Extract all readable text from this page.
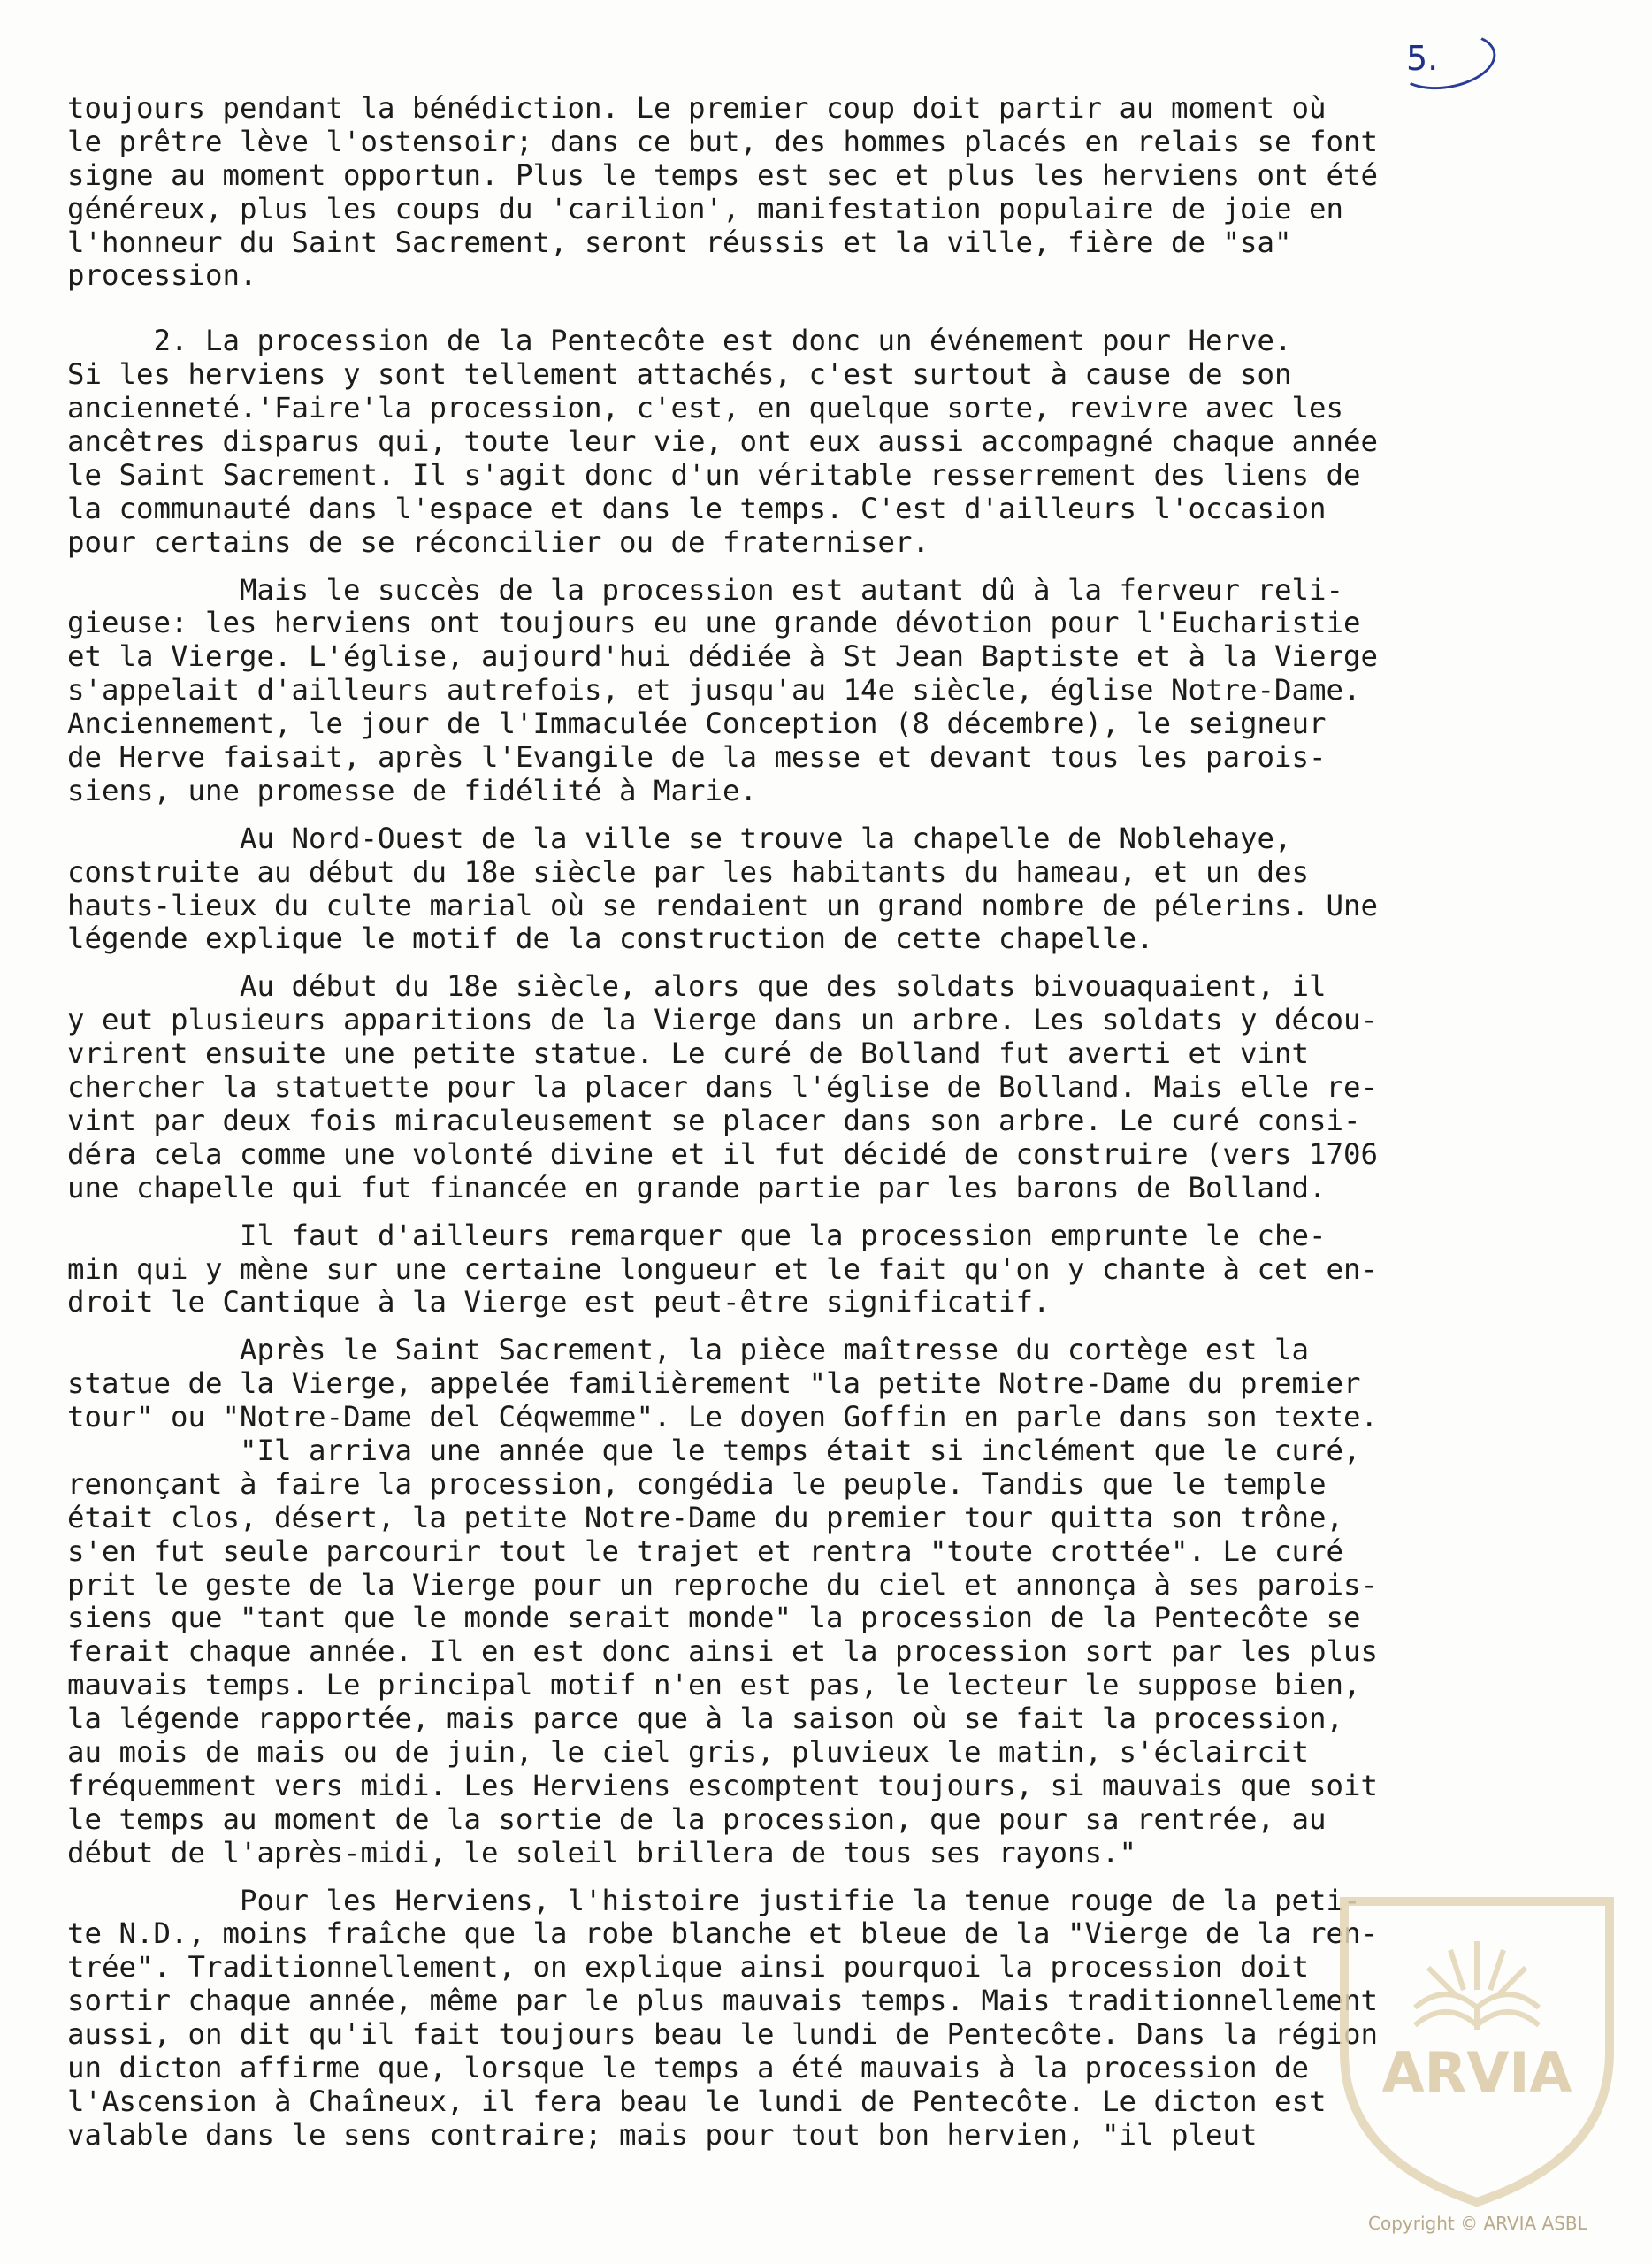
5.
toujours pendant la bénédiction. Le premier coup doit partir au moment où
le prêtre lève l'ostensoir; dans ce but, des hommes placés en relais se font
signe au moment opportun. Plus le temps est sec et plus les herviens ont été
généreux, plus les coups du 'carilion', manifestation populaire de joie en
l'honneur du Saint Sacrement, seront réussis et la ville, fière de "sa"
procession.
2. La procession de la Pentecôte est donc un événement pour Herve.
Si les herviens y sont tellement attachés, c'est surtout à cause de son
ancienneté.'Faire'la procession, c'est, en quelque sorte, revivre avec les
ancêtres disparus qui, toute leur vie, ont eux aussi accompagné chaque année
le Saint Sacrement. Il s'agit donc d'un véritable resserrement des liens de
la communauté dans l'espace et dans le temps. C'est d'ailleurs l'occasion
pour certains de se réconcilier ou de fraterniser.
Mais le succès de la procession est autant dû à la ferveur reli-
gieuse: les herviens ont toujours eu une grande dévotion pour l'Eucharistie
et la Vierge. L'église, aujourd'hui dédiée à St Jean Baptiste et à la Vierge
s'appelait d'ailleurs autrefois, et jusqu'au 14e siècle, église Notre-Dame.
Anciennement, le jour de l'Immaculée Conception (8 décembre), le seigneur
de Herve faisait, après l'Evangile de la messe et devant tous les parois-
siens, une promesse de fidélité à Marie.
Au Nord-Ouest de la ville se trouve la chapelle de Noblehaye,
construite au début du 18e siècle par les habitants du hameau, et un des
hauts-lieux du culte marial où se rendaient un grand nombre de pélerins. Une
légende explique le motif de la construction de cette chapelle.
Au début du 18e siècle, alors que des soldats bivouaquaient, il
y eut plusieurs apparitions de la Vierge dans un arbre. Les soldats y décou-
vrirent ensuite une petite statue. Le curé de Bolland fut averti et vint
chercher la statuette pour la placer dans l'église de Bolland. Mais elle re-
vint par deux fois miraculeusement se placer dans son arbre. Le curé consi-
déra cela comme une volonté divine et il fut décidé de construire (vers 1706
une chapelle qui fut financée en grande partie par les barons de Bolland.
Il faut d'ailleurs remarquer que la procession emprunte le che-
min qui y mène sur une certaine longueur et le fait qu'on y chante à cet en-
droit le Cantique à la Vierge est peut-être significatif.
Après le Saint Sacrement, la pièce maîtresse du cortège est la
statue de la Vierge, appelée familièrement "la petite Notre-Dame du premier
tour" ou "Notre-Dame del Céqwemme". Le doyen Goffin en parle dans son texte.
"Il arriva une année que le temps était si inclément que le curé,
renonçant à faire la procession, congédia le peuple. Tandis que le temple
était clos, désert, la petite Notre-Dame du premier tour quitta son trône,
s'en fut seule parcourir tout le trajet et rentra "toute crottée". Le curé
prit le geste de la Vierge pour un reproche du ciel et annonça à ses parois-
siens que "tant que le monde serait monde" la procession de la Pentecôte se
ferait chaque année. Il en est donc ainsi et la procession sort par les plus
mauvais temps. Le principal motif n'en est pas, le lecteur le suppose bien,
la légende rapportée, mais parce que à la saison où se fait la procession,
au mois de mais ou de juin, le ciel gris, pluvieux le matin, s'éclaircit
fréquemment vers midi. Les Herviens escomptent toujours, si mauvais que soit
le temps au moment de la sortie de la procession, que pour sa rentrée, au
début de l'après-midi, le soleil brillera de tous ses rayons."
Pour les Herviens, l'histoire justifie la tenue rouge de la peti-
te N.D., moins fraîche que la robe blanche et bleue de la "Vierge de la ren-
trée". Traditionnellement, on explique ainsi pourquoi la procession doit
sortir chaque année, même par le plus mauvais temps. Mais traditionnellement
aussi, on dit qu'il fait toujours beau le lundi de Pentecôte. Dans la région
un dicton affirme que, lorsque le temps a été mauvais à la procession de
l'Ascension à Chaîneux, il fera beau le lundi de Pentecôte. Le dicton est
valable dans le sens contraire; mais pour tout bon hervien, "il pleut
ARVIA
Copyright © ARVIA ASBL
